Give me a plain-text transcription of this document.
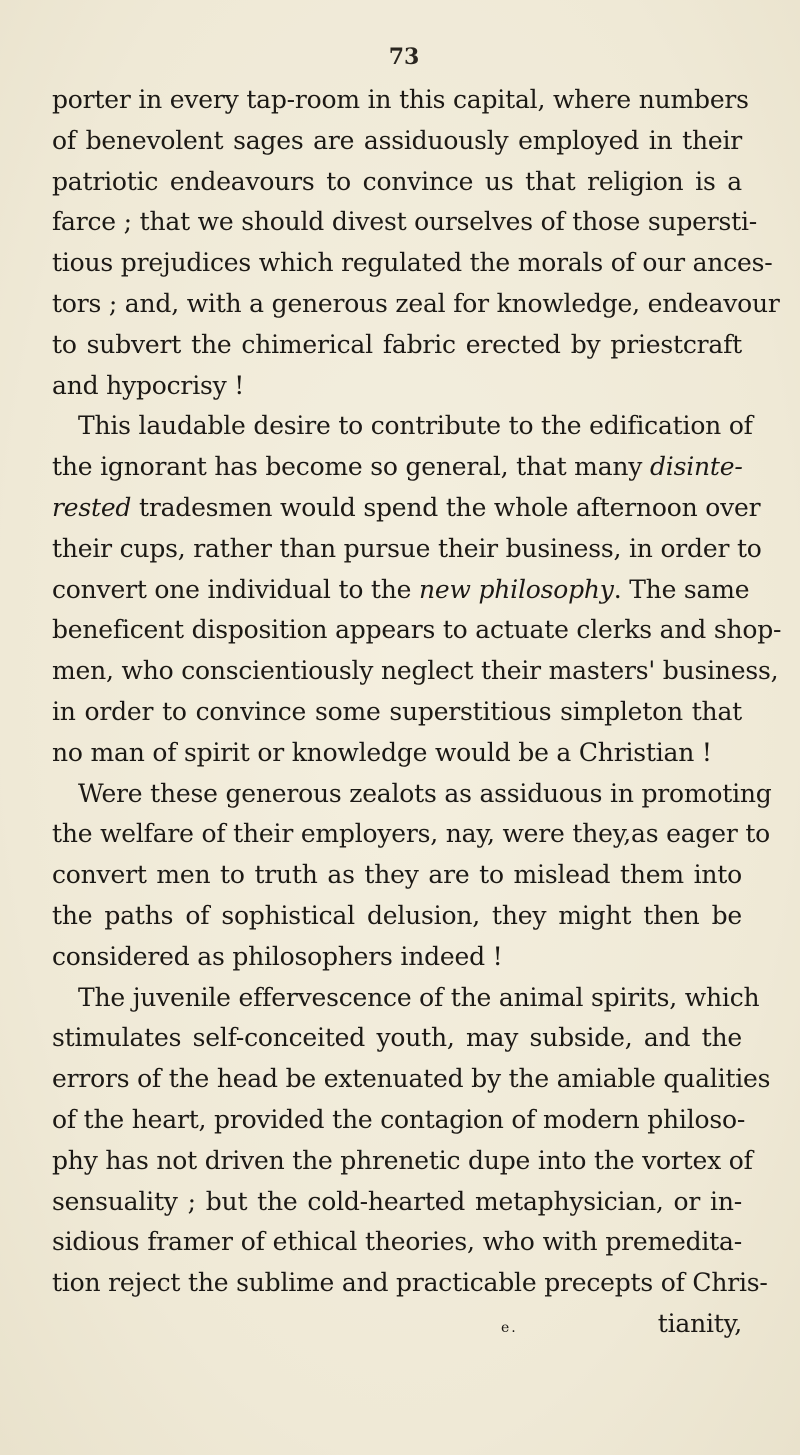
73
porter in every tap-room in this capital, where numbers
of benevolent sages are assiduously employed in their
patriotic endeavours to convince us that religion is a
farce ; that we should divest ourselves of those supersti-
tious prejudices which regulated the morals of our ances-
tors ; and, with a generous zeal for knowledge, endeavour
to subvert the chimerical fabric erected by priestcraft
and hypocrisy !
This laudable desire to contribute to the edification of
the ignorant has become so general, that many disinte-
rested tradesmen would spend the whole afternoon over
their cups, rather than pursue their business, in order to
convert one individual to the new philosophy. The same
beneficent disposition appears to actuate clerks and shop-
men, who conscientiously neglect their masters' business,
in order to convince some superstitious simpleton that
no man of spirit or knowledge would be a Christian !
Were these generous zealots as assiduous in promoting
the welfare of their employers, nay, were they,as eager to
convert men to truth as they are to mislead them into
the paths of sophistical delusion, they might then be
considered as philosophers indeed !
The juvenile effervescence of the animal spirits, which
stimulates self-conceited youth, may subside, and the
errors of the head be extenuated by the amiable qualities
of the heart, provided the contagion of modern philoso-
phy has not driven the phrenetic dupe into the vortex of
sensuality ; but the cold-hearted metaphysician, or in-
sidious framer of ethical theories, who with premedita-
tion reject the sublime and practicable precepts of Chris-
e.	tianity,
